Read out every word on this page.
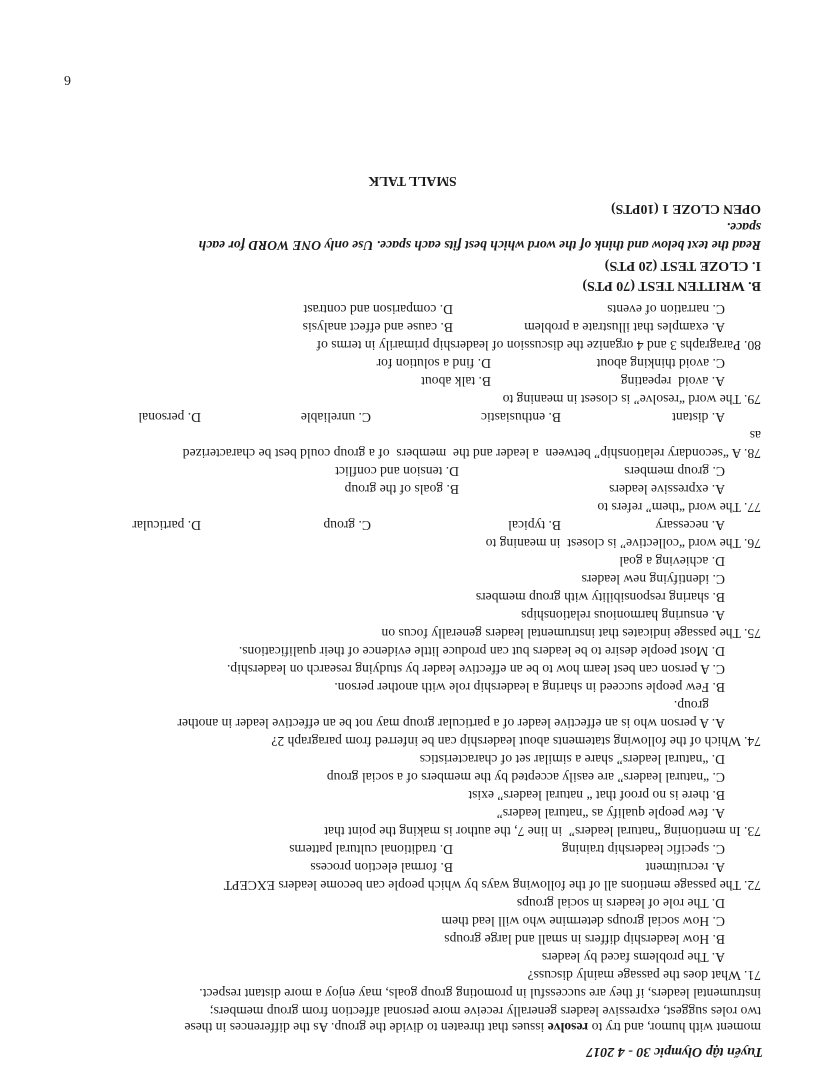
Tuyển tập Olympic 30 - 4 2017
moment with humor, and try to resolve issues that threaten to divide the group. As the differences in these
two roles suggest, expressive leaders generally receive more personal affection from group members;
instrumental leaders, if they are successful in promoting group goals, may enjoy a more distant respect.
71. What does the passage mainly discuss?
A. The problems faced by leaders
B. How leadership differs in small and large groups
C. How social groups determine who will lead them
D. The role of leaders in social groups
72. The passage mentions all of the following ways by which people can become leaders EXCEPT
A. recruitment
B. formal election process
C. specific leadership training
D. traditional cultural patterns
73. In mentioning “natural leaders”  in line 7, the author is making the point that
A. few people qualify as “natural leaders”
B. there is no proof that “ natural leaders” exist
C. “natural leaders” are easily accepted by the members of a social group
D. “natural leaders” share a similar set of characteristics
74. Which of the following statements about leadership can be inferred from paragraph 2?
A. A person who is an effective leader of a particular group may not be an effective leader in another
group.
B. Few people succeed in sharing a leadership role with another person.
C. A person can best learn how to be an effective leader by studying research on leadership.
D. Most people desire to be leaders but can produce little evidence of their qualifications.
75. The passage indicates that instrumental leaders generally focus on
A. ensuring harmonious relationships
B. sharing responsibility with group members
C. identifying new leaders
D. achieving a goal
76. The word “collective” is closest  in meaning to
A. necessary
B. typical
C. group
D. particular
77. The word “them” refers to
A. expressive leaders
B. goals of the group
C. group members
D. tension and conflict
78. A “secondary relationship” between  a leader and the  members  of a group could best be characterized
as
A. distant
B. enthusiastic
C. unreliable
D. personal
79. The word “resolve” is closest in meaning to
A. avoid  repeating
B. talk about
C. avoid thinking about
D. find a solution for
80. Paragraphs 3 and 4 organize the discussion of leadership primarily in terms of
A. examples that illustrate a problem
B. cause and effect analysis
C. narration of events
D. comparison and contrast
B. WRITTEN TEST (70 PTS)
I. CLOZE TEST (20 PTS)
Read the text below and think of the word which best fits each space. Use only ONE WORD for each
space.
OPEN CLOZE 1 (10PTS)
SMALL TALK
6
